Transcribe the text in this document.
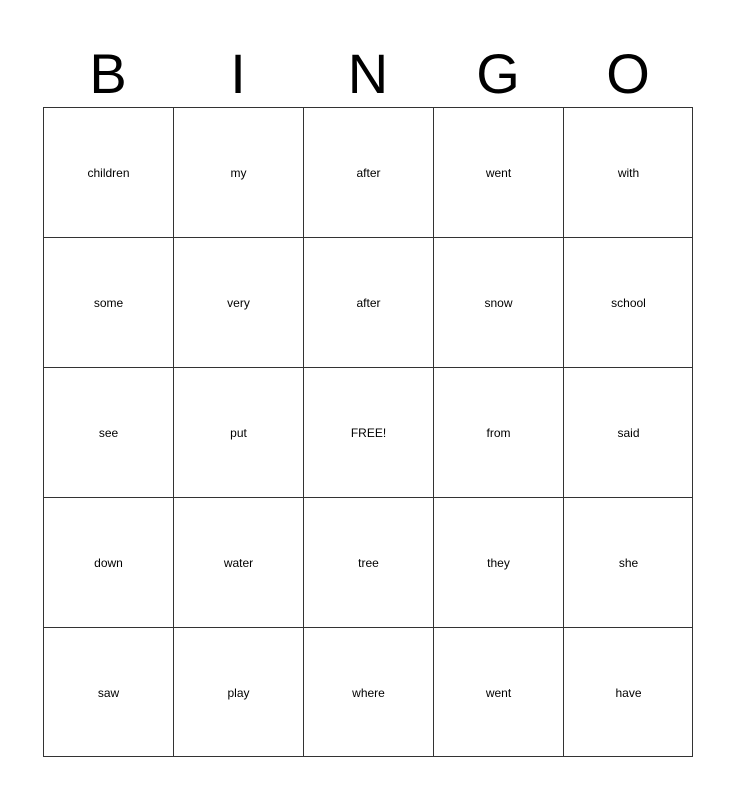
B	I	N	G	O
children	my	after	went	with
some	very	after	snow	school
see	put	FREE!	from	said
down	water	tree	they	she
saw	play	where	went	have
